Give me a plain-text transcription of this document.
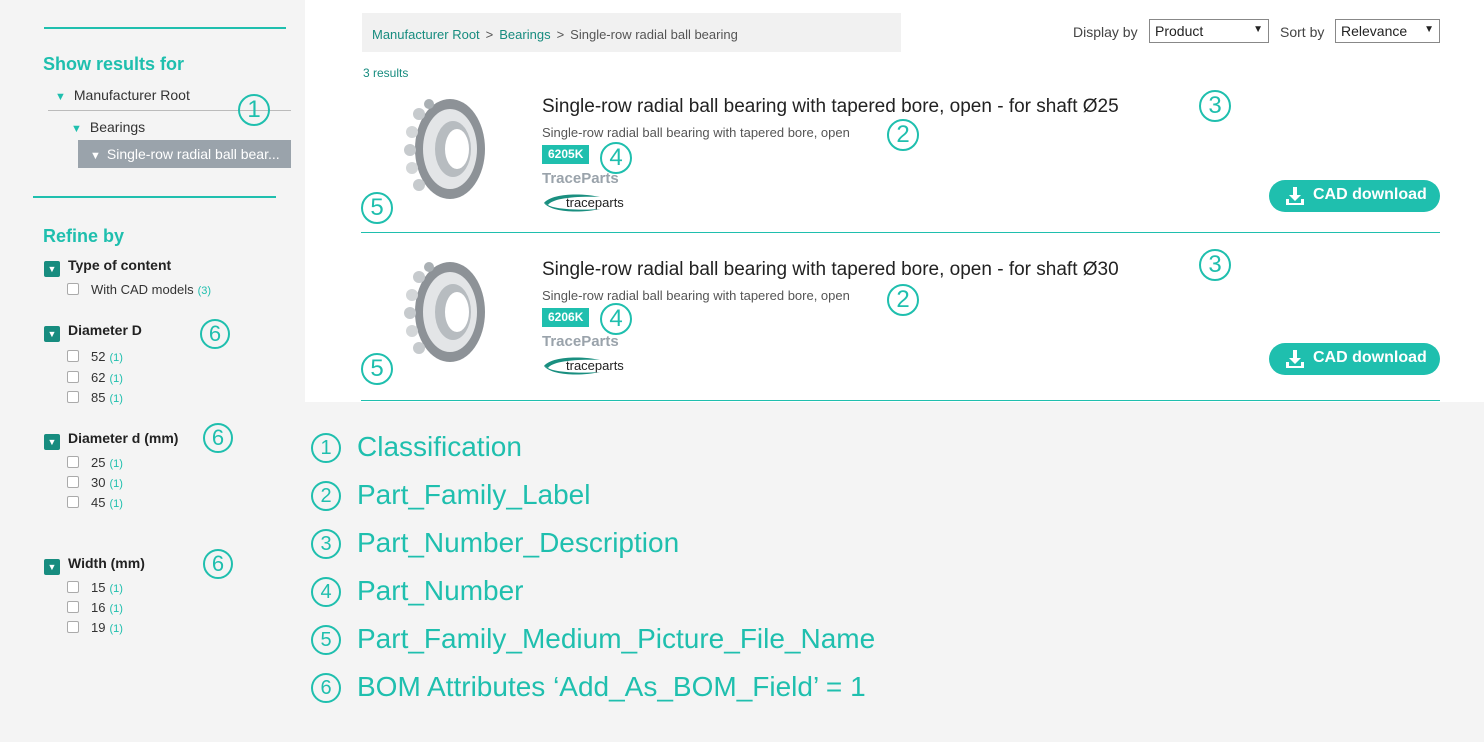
Show results for
▼ Manufacturer Root
▼ Bearings
▼ Single-row radial ball bear...
1
Refine by
▼ Type of content
With CAD models (3)
▼ Diameter D	6
52 (1)
62 (1)
85 (1)
▼ Diameter d (mm)	6
25 (1)
30 (1)
45 (1)
▼ Width (mm)	6
15 (1)
16 (1)
19 (1)
Manufacturer Root > Bearings > Single-row radial ball bearing	Display by	Product	▼ Sort by	Relevance ▼
3 results
5
Single-row radial ball bearing with tapered bore, open - for shaft Ø25	3
Single-row radial ball bearing with tapered bore, open	2
6205K	4
TraceParts
traceparts	CAD download
5
Single-row radial ball bearing with tapered bore, open - for shaft Ø30	3
Single-row radial ball bearing with tapered bore, open	2
6206K	4
TraceParts
traceparts	CAD download
1 Classification
2 Part_Family_Label
3 Part_Number_Description
4 Part_Number
5 Part_Family_Medium_Picture_File_Name
6 BOM Attributes ‘Add_As_BOM_Field’ = 1
